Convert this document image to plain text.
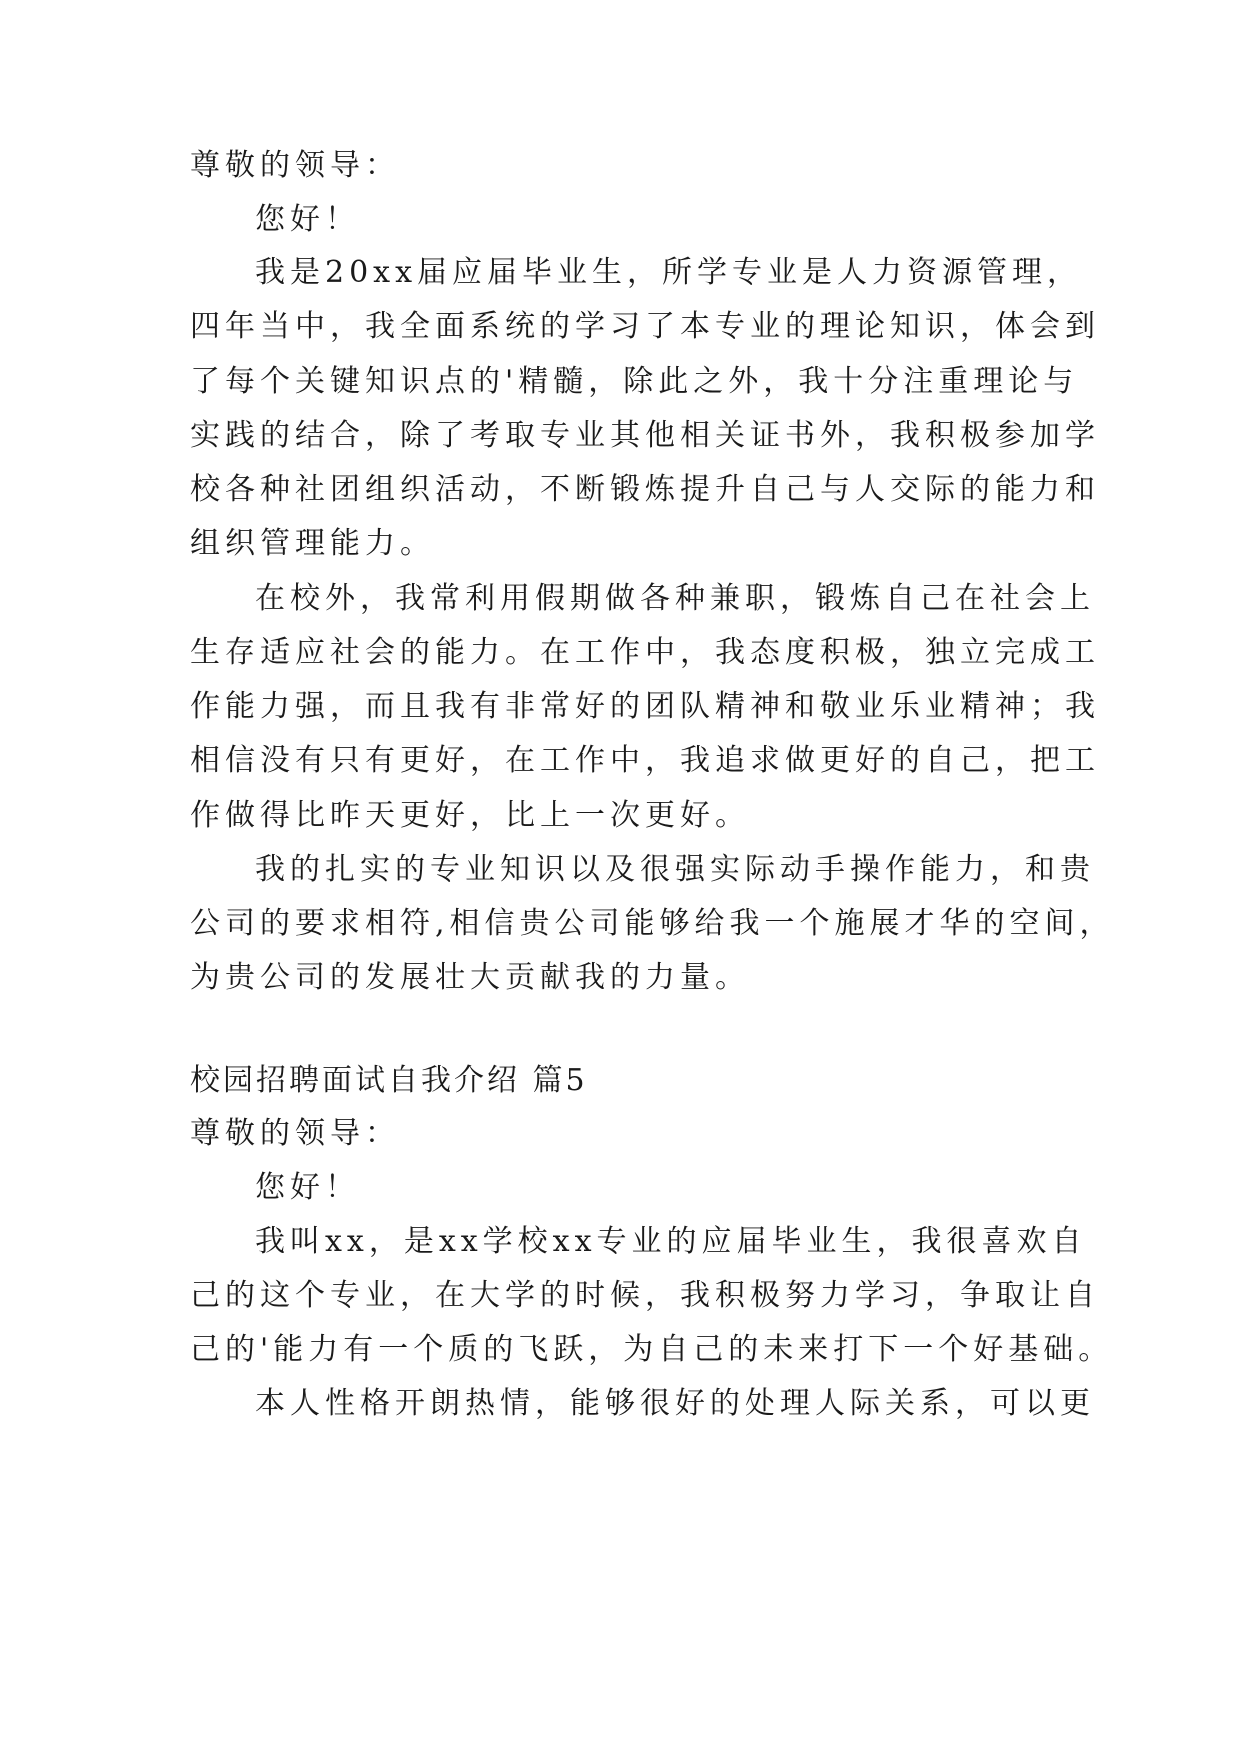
尊敬的领导：
您好！
我是20xx届应届毕业生，所学专业是人力资源管理，
四年当中，我全面系统的学习了本专业的理论知识，体会到
了每个关键知识点的'精髓，除此之外，我十分注重理论与
实践的结合，除了考取专业其他相关证书外，我积极参加学
校各种社团组织活动，不断锻炼提升自己与人交际的能力和
组织管理能力。
在校外，我常利用假期做各种兼职，锻炼自己在社会上
生存适应社会的能力。在工作中，我态度积极，独立完成工
作能力强，而且我有非常好的团队精神和敬业乐业精神；我
相信没有只有更好，在工作中，我追求做更好的自己，把工
作做得比昨天更好，比上一次更好。
我的扎实的专业知识以及很强实际动手操作能力，和贵
公司的要求相符,相信贵公司能够给我一个施展才华的空间，
为贵公司的发展壮大贡献我的力量。
校园招聘面试自我介绍 篇5
尊敬的领导：
您好！
我叫xx，是xx学校xx专业的应届毕业生，我很喜欢自
己的这个专业，在大学的时候，我积极努力学习，争取让自
己的'能力有一个质的飞跃，为自己的未来打下一个好基础。
本人性格开朗热情，能够很好的处理人际关系，可以更
